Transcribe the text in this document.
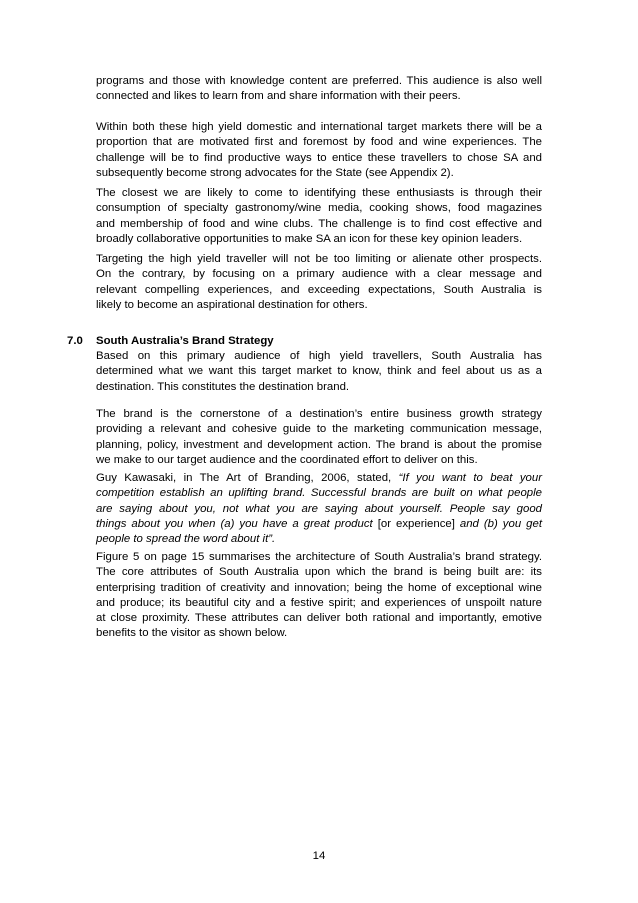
programs and those with knowledge content are preferred. This audience is also well
connected and likes to learn from and share information with their peers.

Within both these high yield domestic and international target markets there will be a
proportion that are motivated first and foremost by food and wine experiences. The
challenge will be to find productive ways to entice these travellers to chose SA and
subsequently become strong advocates for the State (see Appendix 2).

The closest we are likely to come to identifying these enthusiasts is through their
consumption of specialty gastronomy/wine media, cooking shows, food magazines
and membership of food and wine clubs. The challenge is to find cost effective and
broadly collaborative opportunities to make SA an icon for these key opinion leaders.

Targeting the high yield traveller will not be too limiting or alienate other prospects.
On the contrary, by focusing on a primary audience with a clear message and
relevant compelling experiences, and exceeding expectations, South Australia is
likely to become an aspirational destination for others.

7.0 South Australia’s Brand Strategy

Based on this primary audience of high yield travellers, South Australia has
determined what we want this target market to know, think and feel about us as a
destination. This constitutes the destination brand.

The brand is the cornerstone of a destination’s entire business growth strategy
providing a relevant and cohesive guide to the marketing communication message,
planning, policy, investment and development action. The brand is about the promise
we make to our target audience and the coordinated effort to deliver on this.

Guy Kawasaki, in The Art of Branding, 2006, stated, “If you want to beat your
competition establish an uplifting brand. Successful brands are built on what people
are saying about you, not what you are saying about yourself. People say good
things about you when (a) you have a great product [or experience] and (b) you get
people to spread the word about it”.

Figure 5 on page 15 summarises the architecture of South Australia’s brand strategy.
The core attributes of South Australia upon which the brand is being built are: its
enterprising tradition of creativity and innovation; being the home of exceptional wine
and produce; its beautiful city and a festive spirit; and experiences of unspoilt nature
at close proximity. These attributes can deliver both rational and importantly, emotive
benefits to the visitor as shown below.

14
